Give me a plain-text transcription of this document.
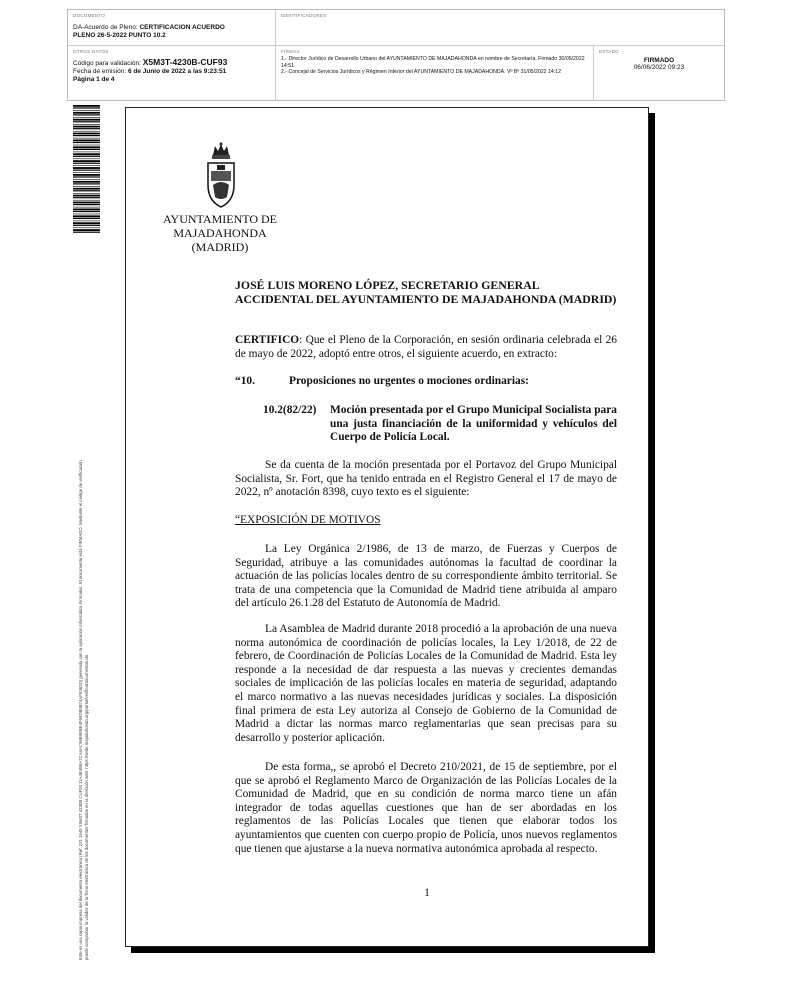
DOCUMENTO
DA-Acuerdo de Pleno: CERTIFICACION ACUERDO
PLENO 26-5-2022 PUNTO 10.2
IDENTIFICADORES
OTROS DATOS
Código para validación: X5M3T-4230B-CUF93
Fecha de emisión: 6 de Junio de 2022 a las 9:23:51
Página 1 de 4
FIRMAS
1.- Director Jurídico de Desarrollo Urbano del AYUNTAMIENTO DE MAJADAHONDA en nombre de Secretaría. Firmado 30/05/2022 14:51
2.- Concejal de Servicios Jurídicos y Régimen Interior del AYUNTAMIENTO DE MAJADAHONDA. Vº Bº 31/05/2022 14:12
ESTADO
FIRMADO
06/06/2022 09:23
Este es una copia impresa del documento electrónico (Ref: 221 1949 X5M3T 4230B CUF93 11A4E4B8A7CA4AC96B9EBE4F69DB6B74AF9382D) generada con la aplicación informática Firmadoc. El documento está FIRMADO. Mediante el código de verificación puede comprobar la validez de la firma electrónica de los documentos firmados en la dirección web: https://sede.majadahonda.org/portal/verificaDocumentos.do
AYUNTAMIENTO DE
MAJADAHONDA
(MADRID)
JOSÉ LUIS MORENO LÓPEZ, SECRETARIO GENERAL ACCIDENTAL DEL AYUNTAMIENTO DE MAJADAHONDA (MADRID)
CERTIFICO: Que el Pleno de la Corporación, en sesión ordinaria celebrada el 26 de mayo de 2022, adoptó entre otros, el siguiente acuerdo, en extracto:
“10.	Proposiciones no urgentes o mociones ordinarias:
10.2(82/22) Moción presentada por el Grupo Municipal Socialista para una justa financiación de la uniformidad y vehículos del Cuerpo de Policía Local.
Se da cuenta de la moción presentada por el Portavoz del Grupo Municipal Socialista, Sr. Fort, que ha tenido entrada en el Registro General el 17 de mayo de 2022, nº anotación 8398, cuyo texto es el siguiente:
“EXPOSICIÓN DE MOTIVOS
La Ley Orgánica 2/1986, de 13 de marzo, de Fuerzas y Cuerpos de Seguridad, atribuye a las comunidades autónomas la facultad de coordinar la actuación de las policías locales dentro de su correspondiente ámbito territorial. Se trata de una competencia que la Comunidad de Madrid tiene atribuida al amparo del artículo 26.1.28 del Estatuto de Autonomía de Madrid.
La Asamblea de Madrid durante 2018 procedió a la aprobación de una nueva norma autonómica de coordinación de policías locales, la Ley 1/2018, de 22 de febrero, de Coordinación de Policías Locales de la Comunidad de Madrid. Esta ley responde a la necesidad de dar respuesta a las nuevas y crecientes demandas sociales de implicación de las policías locales en materia de seguridad, adaptando el marco normativo a las nuevas necesidades jurídicas y sociales. La disposición final primera de esta Ley autoriza al Consejo de Gobierno de la Comunidad de Madrid a dictar las normas marco reglamentarias que sean precisas para su desarrollo y posterior aplicación.
De esta forma,, se aprobó el Decreto 210/2021, de 15 de septiembre, por el que se aprobó el Reglamento Marco de Organización de las Policías Locales de la Comunidad de Madrid, que en su condición de norma marco tiene un afán integrador de todas aquellas cuestiones que han de ser abordadas en los reglamentos de las Policías Locales que tienen que elaborar todos los ayuntamientos que cuenten con cuerpo propio de Policía, unos nuevos reglamentos que tienen que ajustarse a la nueva normativa autonómica aprobada al respecto.
1
